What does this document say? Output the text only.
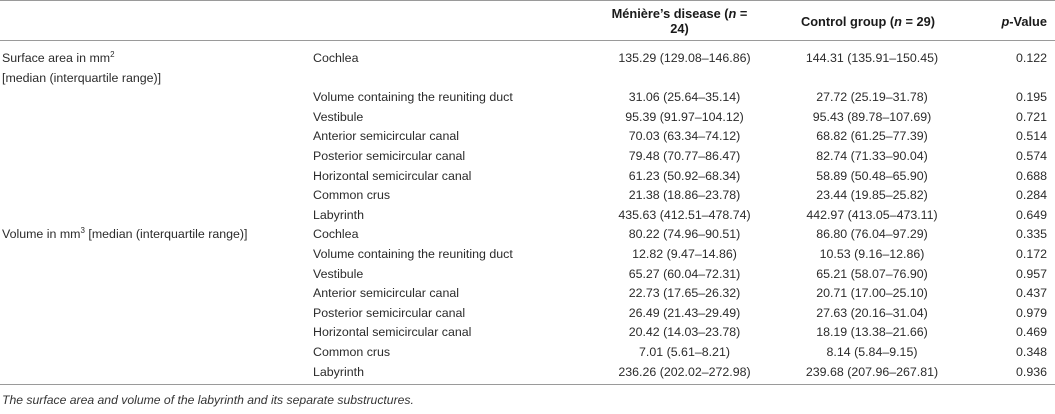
		Ménière’s disease (n = 24)	Control group (n = 29)	p-Value
Surface area in $mm^2$
[median (interquartile range)]	Cochlea	135.29 (129.08–146.86)	144.31 (135.91–150.45)	0.122
	Volume containing the reuniting duct	31.06 (25.64–35.14)	27.72 (25.19–31.78)	0.195
	Vestibule	95.39 (91.97–104.12)	95.43 (89.78–107.69)	0.721
	Anterior semicircular canal	70.03 (63.34–74.12)	68.82 (61.25–77.39)	0.514
	Posterior semicircular canal	79.48 (70.77–86.47)	82.74 (71.33–90.04)	0.574
	Horizontal semicircular canal	61.23 (50.92–68.34)	58.89 (50.48–65.90)	0.688
	Common crus	21.38 (18.86–23.78)	23.44 (19.85–25.82)	0.284
	Labyrinth	435.63 (412.51–478.74)	442.97 (413.05–473.11)	0.649
Volume in $mm^3$ [median (interquartile range)]	Cochlea	80.22 (74.96–90.51)	86.80 (76.04–97.29)	0.335
	Volume containing the reuniting duct	12.82 (9.47–14.86)	10.53 (9.16–12.86)	0.172
	Vestibule	65.27 (60.04–72.31)	65.21 (58.07–76.90)	0.957
	Anterior semicircular canal	22.73 (17.65–26.32)	20.71 (17.00–25.10)	0.437
	Posterior semicircular canal	26.49 (21.43–29.49)	27.63 (20.16–31.04)	0.979
	Horizontal semicircular canal	20.42 (14.03–23.78)	18.19 (13.38–21.66)	0.469
	Common crus	7.01 (5.61–8.21)	8.14 (5.84–9.15)	0.348
	Labyrinth	236.26 (202.02–272.98)	239.68 (207.96–267.81)	0.936
The surface area and volume of the labyrinth and its separate substructures.
